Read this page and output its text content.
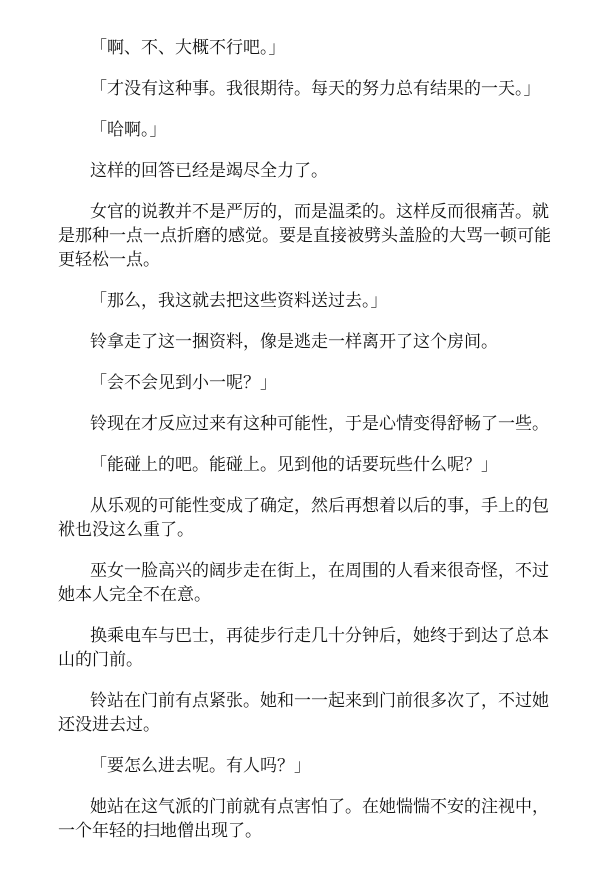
「啊、不、大概不行吧。」

「才没有这种事。我很期待。每天的努力总有结果的一天。」

「哈啊。」

这样的回答已经是竭尽全力了。

女官的说教并不是严厉的，而是温柔的。这样反而很痛苦。就
是那种一点一点折磨的感觉。要是直接被劈头盖脸的大骂一顿可能
更轻松一点。

「那么，我这就去把这些资料送过去。」

铃拿走了这一捆资料，像是逃走一样离开了这个房间。

「会不会见到小一呢？」

铃现在才反应过来有这种可能性，于是心情变得舒畅了一些。

「能碰上的吧。能碰上。见到他的话要玩些什么呢？」

从乐观的可能性变成了确定，然后再想着以后的事，手上的包
袱也没这么重了。

巫女一脸高兴的阔步走在街上，在周围的人看来很奇怪，不过
她本人完全不在意。

换乘电车与巴士，再徒步行走几十分钟后，她终于到达了总本
山的门前。

铃站在门前有点紧张。她和一一起来到门前很多次了，不过她
还没进去过。

「要怎么进去呢。有人吗？」

她站在这气派的门前就有点害怕了。在她惴惴不安的注视中，
一个年轻的扫地僧出现了。
